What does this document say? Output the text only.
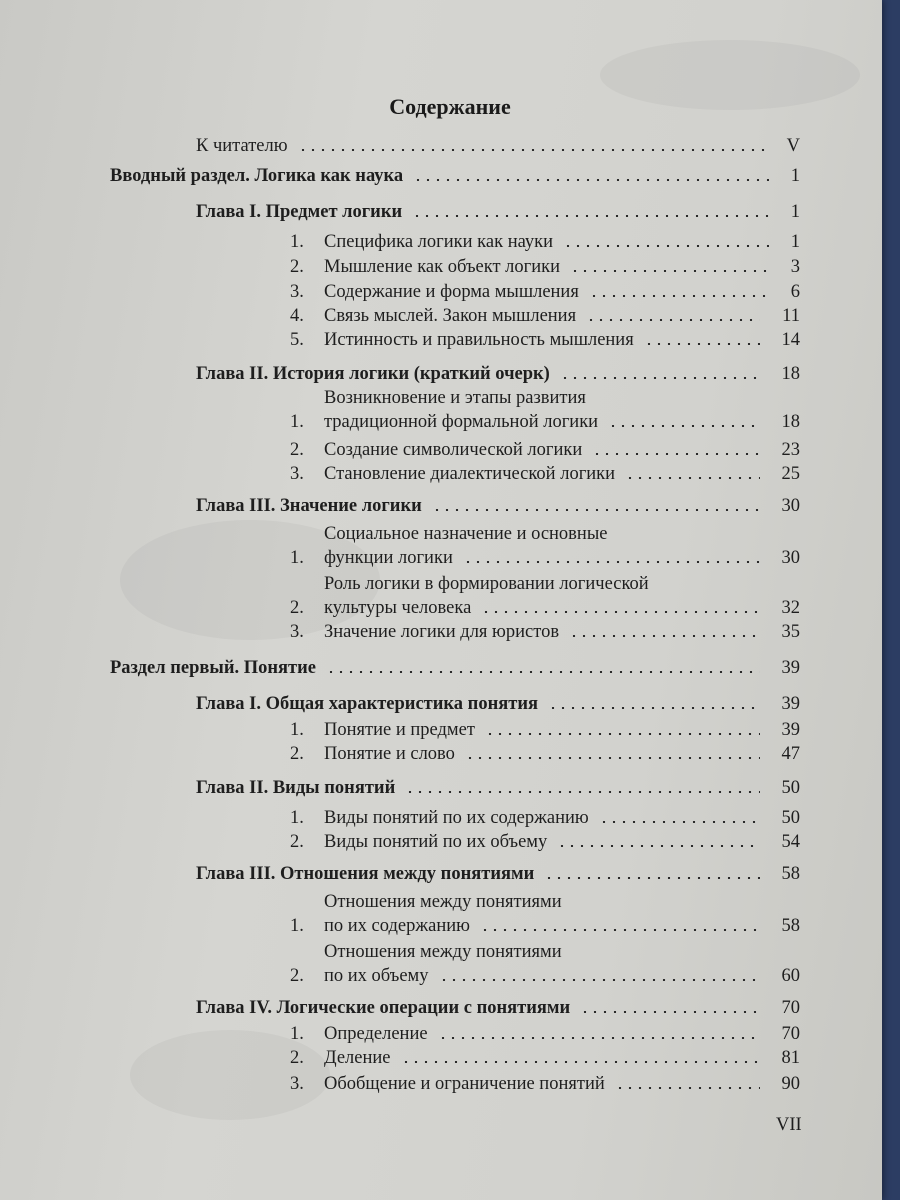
Содержание
К читателю	V
Вводный раздел. Логика как наука	1
Глава I. Предмет логики	1
1. Специфика логики как науки	1
2. Мышление как объект логики	3
3. Содержание и форма мышления	6
4. Связь мыслей. Закон мышления	11
5. Истинность и правильность мышления	14
Глава II. История логики (краткий очерк)	18
Возникновение и этапы развития
1. традиционной формальной логики	18
2. Создание символической логики	23
3. Становление диалектической логики	25
Глава III. Значение логики	30
Социальное назначение и основные
1. функции логики	30
Роль логики в формировании логической
2. культуры человека	32
3. Значение логики для юристов	35
Раздел первый. Понятие	39
Глава I. Общая характеристика понятия	39
1. Понятие и предмет	39
2. Понятие и слово	47
Глава II. Виды понятий	50
1. Виды понятий по их содержанию	50
2. Виды понятий по их объему	54
Глава III. Отношения между понятиями	58
Отношения между понятиями
1. по их содержанию	58
Отношения между понятиями
2. по их объему	60
Глава IV. Логические операции с понятиями	70
1. Определение	70
2. Деление	81
3. Обобщение и ограничение понятий	90
VII
